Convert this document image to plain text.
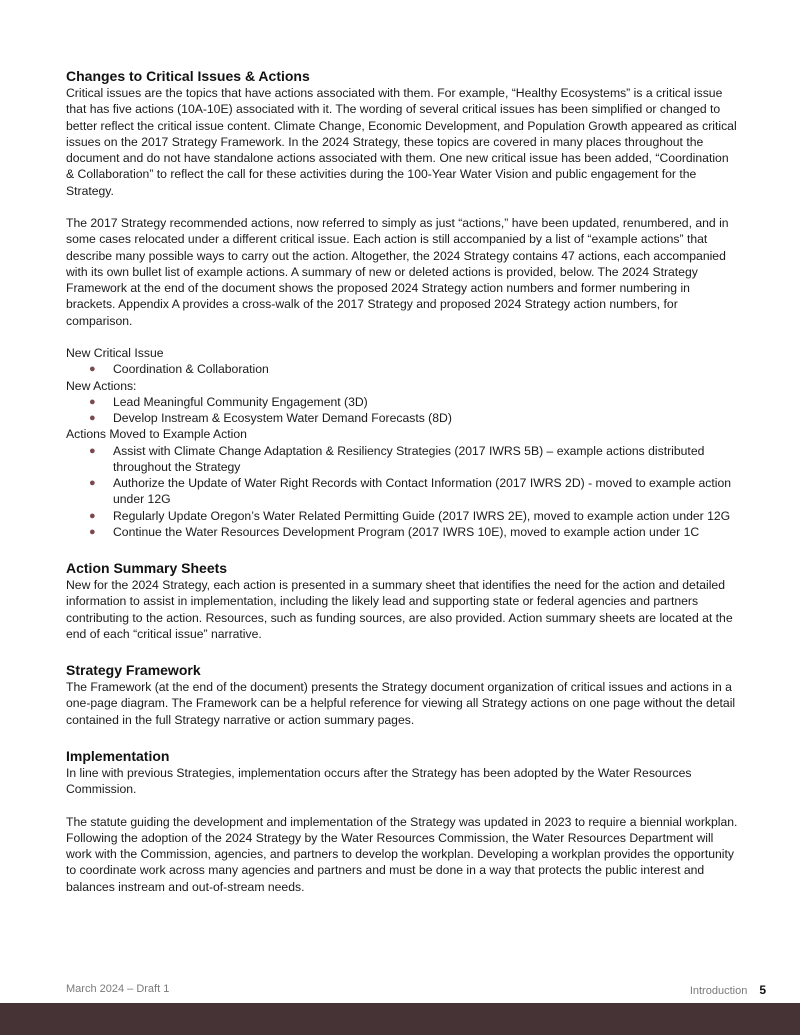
Changes to Critical Issues & Actions

Critical issues are the topics that have actions associated with them. For example, “Healthy Ecosystems” is a critical issue that has five actions (10A-10E) associated with it. The wording of several critical issues has been simplified or changed to better reflect the critical issue content. Climate Change, Economic Development, and Population Growth appeared as critical issues on the 2017 Strategy Framework. In the 2024 Strategy, these topics are covered in many places throughout the document and do not have standalone actions associated with them. One new critical issue has been added, “Coordination & Collaboration” to reflect the call for these activities during the 100-Year Water Vision and public engagement for the Strategy.

The 2017 Strategy recommended actions, now referred to simply as just “actions,” have been updated, renumbered, and in some cases relocated under a different critical issue. Each action is still accompanied by a list of “example actions” that describe many possible ways to carry out the action. Altogether, the 2024 Strategy contains 47 actions, each accompanied with its own bullet list of example actions. A summary of new or deleted actions is provided, below. The 2024 Strategy Framework at the end of the document shows the proposed 2024 Strategy action numbers and former numbering in brackets. Appendix A provides a cross-walk of the 2017 Strategy and proposed 2024 Strategy action numbers, for comparison.

New Critical Issue
● Coordination & Collaboration
New Actions:
● Lead Meaningful Community Engagement (3D)
● Develop Instream & Ecosystem Water Demand Forecasts (8D)
Actions Moved to Example Action
● Assist with Climate Change Adaptation & Resiliency Strategies (2017 IWRS 5B) – example actions distributed throughout the Strategy
● Authorize the Update of Water Right Records with Contact Information (2017 IWRS 2D) - moved to example action under 12G
● Regularly Update Oregon’s Water Related Permitting Guide (2017 IWRS 2E), moved to example action under 12G
● Continue the Water Resources Development Program (2017 IWRS 10E), moved to example action under 1C
Action Summary Sheets

New for the 2024 Strategy, each action is presented in a summary sheet that identifies the need for the action and detailed information to assist in implementation, including the likely lead and supporting state or federal agencies and partners contributing to the action. Resources, such as funding sources, are also provided. Action summary sheets are located at the end of each “critical issue” narrative.

Strategy Framework

The Framework (at the end of the document) presents the Strategy document organization of critical issues and actions in a one-page diagram. The Framework can be a helpful reference for viewing all Strategy actions on one page without the detail contained in the full Strategy narrative or action summary pages.

Implementation

In line with previous Strategies, implementation occurs after the Strategy has been adopted by the Water Resources Commission.

The statute guiding the development and implementation of the Strategy was updated in 2023 to require a biennial workplan. Following the adoption of the 2024 Strategy by the Water Resources Commission, the Water Resources Department will work with the Commission, agencies, and partners to develop the workplan. Developing a workplan provides the opportunity to coordinate work across many agencies and partners and must be done in a way that protects the public interest and balances instream and out-of-stream needs.

March 2024 – Draft 1	Introduction 5
